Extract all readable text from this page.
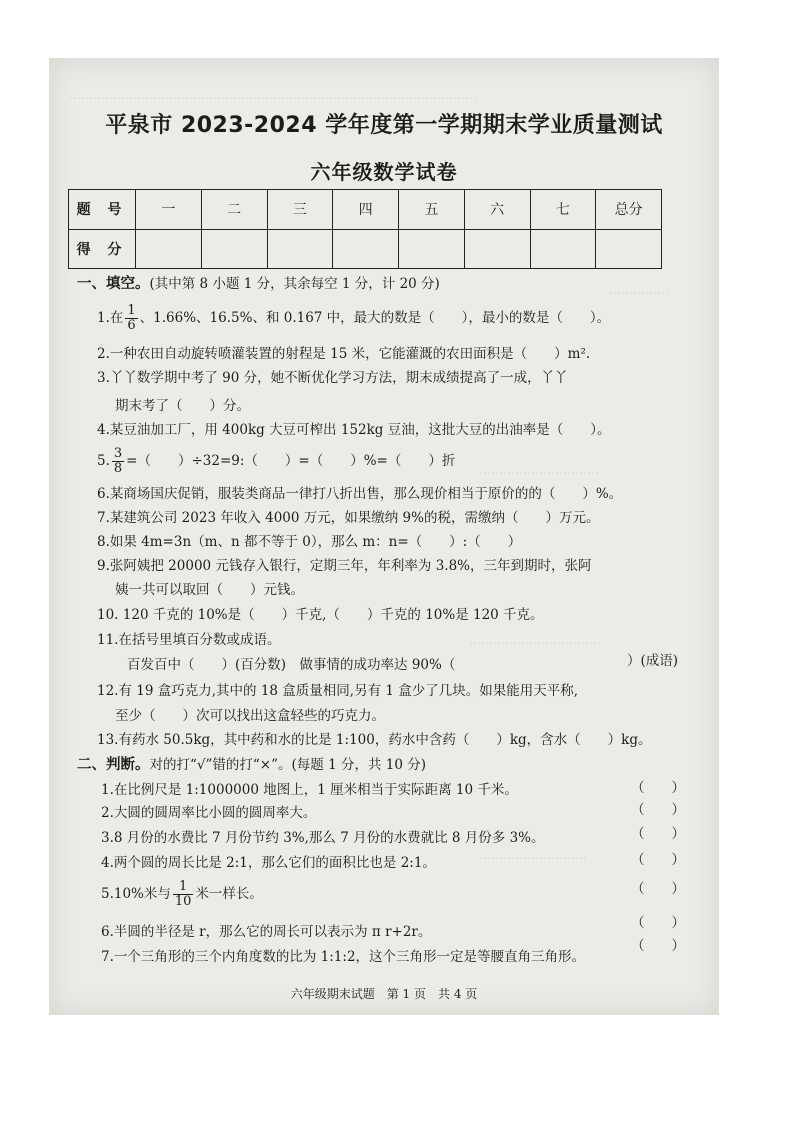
…………………………………………………………………………………………
……………
…………………………
……………………………
………………………
平泉市 2023-2024 学年度第一学期期末学业质量测试
六年级数学试卷
题 号	一	二	三	四	五	六	七	总分
得 分								
一、填空。(其中第 8 小题 1 分，其余每空 1 分，计 20 分)
1.在 $\frac{1}{6}$ 、1.66%、16.5%、和 0.167 中，最大的数是（　　），最小的数是（　　）。
2.一种农田自动旋转喷灌装置的射程是 15 米，它能灌溉的农田面积是（　　）m².
3.丫丫数学期中考了 90 分，她不断优化学习方法，期末成绩提高了一成，丫丫
期末考了（　　）分。
4.某豆油加工厂，用 400kg 大豆可榨出 152kg 豆油，这批大豆的出油率是（　　）。
5. $\frac{3}{8}$ =（　　）÷32=9:（　　）=（　　）%=（　　）折
6.某商场国庆促销，服装类商品一律打八折出售，那么现价相当于原价的的（　　）%。
7.某建筑公司 2023 年收入 4000 万元，如果缴纳 9%的税，需缴纳（　　）万元。
8.如果 4m=3n（m、n 都不等于 0），那么 m：n=（　　）:（　　）
9.张阿姨把 20000 元钱存入银行，定期三年，年利率为 3.8%，三年到期时，张阿
姨一共可以取回（　　）元钱。
10. 120 千克的 10%是（　　）千克,（　　）千克的 10%是 120 千克。
11.在括号里填百分数或成语。
百发百中（　　）(百分数)　做事情的成功率达 90%（	）(成语)
12.有 19 盒巧克力,其中的 18 盒质量相同,另有 1 盒少了几块。如果能用天平称,
至少（　　）次可以找出这盒轻些的巧克力。
13.有药水 50.5kg，其中药和水的比是 1:100，药水中含药（　　）kg，含水（　　）kg。
二、判断。对的打“√”错的打“×”。(每题 1 分，共 10 分)
1.在比例尺是 1:1000000 地图上，1 厘米相当于实际距离 10 千米。	（　　）
2.大圆的圆周率比小圆的圆周率大。	（　　）
3.8 月份的水费比 7 月份节约 3%,那么 7 月份的水费就比 8 月份多 3%。	（　　）
4.两个圆的周长比是 2:1，那么它们的面积比也是 2:1。	（　　）
5.10%米与 $\frac{1}{10}$ 米一样长。	（　　）
6.半圆的半径是 r，那么它的周长可以表示为 π r+2r。
（　　）
7.一个三角形的三个内角度数的比为 1:1:2，这个三角形一定是等腰直角三角形。
（　　）
六年级期末试题　第 1 页　共 4 页
